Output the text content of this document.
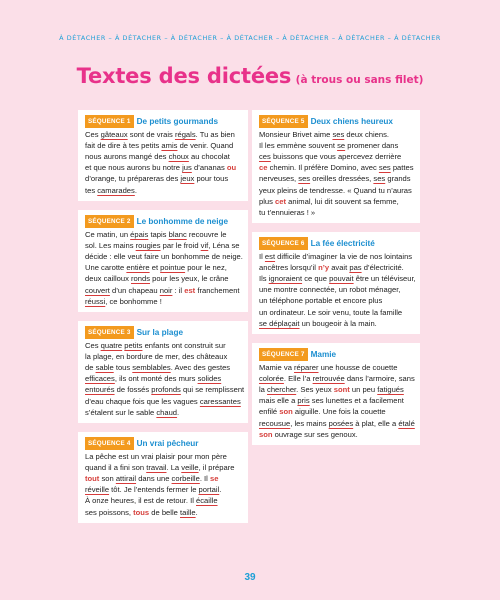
À DÉTACHER – À DÉTACHER – À DÉTACHER – À DÉTACHER – À DÉTACHER – À DÉTACHER – À DÉTACHER
Textes des dictées (à trous ou sans filet)
SÉQUENCE 1 De petits gourmands

Ces gâteaux sont de vrais régals. Tu as bien

fait de dire à tes petits amis de venir. Quand

nous aurons mangé des choux au chocolat

et que nous aurons bu notre jus d’ananas ou

d’orange, tu prépareras des jeux pour tous

tes camarades.

SÉQUENCE 2 Le bonhomme de neige

Ce matin, un épais tapis blanc recouvre le

sol. Les mains rougies par le froid vif, Léna se

décide : elle veut faire un bonhomme de neige.

Une carotte entière et pointue pour le nez,

deux cailloux ronds pour les yeux, le crâne

couvert d’un chapeau noir : il est franchement

réussi, ce bonhomme !

SÉQUENCE 3 Sur la plage

Ces quatre petits enfants ont construit sur

la plage, en bordure de mer, des châteaux

de sable tous semblables. Avec des gestes

efficaces, ils ont monté des murs solides

entourés de fossés profonds qui se remplissent

d’eau chaque fois que les vagues caressantes

s’étalent sur le sable chaud.

SÉQUENCE 4 Un vrai pêcheur

La pêche est un vrai plaisir pour mon père

quand il a fini son travail. La veille, il prépare

tout son attirail dans une corbeille. Il se

réveille tôt. Je l’entends fermer le portail.

À onze heures, il est de retour. Il écaille

ses poissons, tous de belle taille.

SÉQUENCE 5 Deux chiens heureux

Monsieur Brivet aime ses deux chiens.

Il les emmène souvent se promener dans

ces buissons que vous apercevez derrière

ce chemin. Il préfère Domino, avec ses pattes

nerveuses, ses oreilles dressées, ses grands

yeux pleins de tendresse. « Quand tu n’auras

plus cet animal, lui dit souvent sa femme,

tu t’ennuieras ! »

SÉQUENCE 6 La fée électricité

Il est difficile d’imaginer la vie de nos lointains

ancêtres lorsqu’il n’y avait pas d’électricité.

Ils ignoraient ce que pouvait être un téléviseur,

une montre connectée, un robot ménager,

un téléphone portable et encore plus

un ordinateur. Le soir venu, toute la famille

se déplaçait un bougeoir à la main.

SÉQUENCE 7 Mamie

Mamie va réparer une housse de couette

colorée. Elle l’a retrouvée dans l’armoire, sans

la chercher. Ses yeux sont un peu fatigués

mais elle a pris ses lunettes et a facilement

enfilé son aiguille. Une fois la couette

recousue, les mains posées à plat, elle a étalé

son ouvrage sur ses genoux.

39
